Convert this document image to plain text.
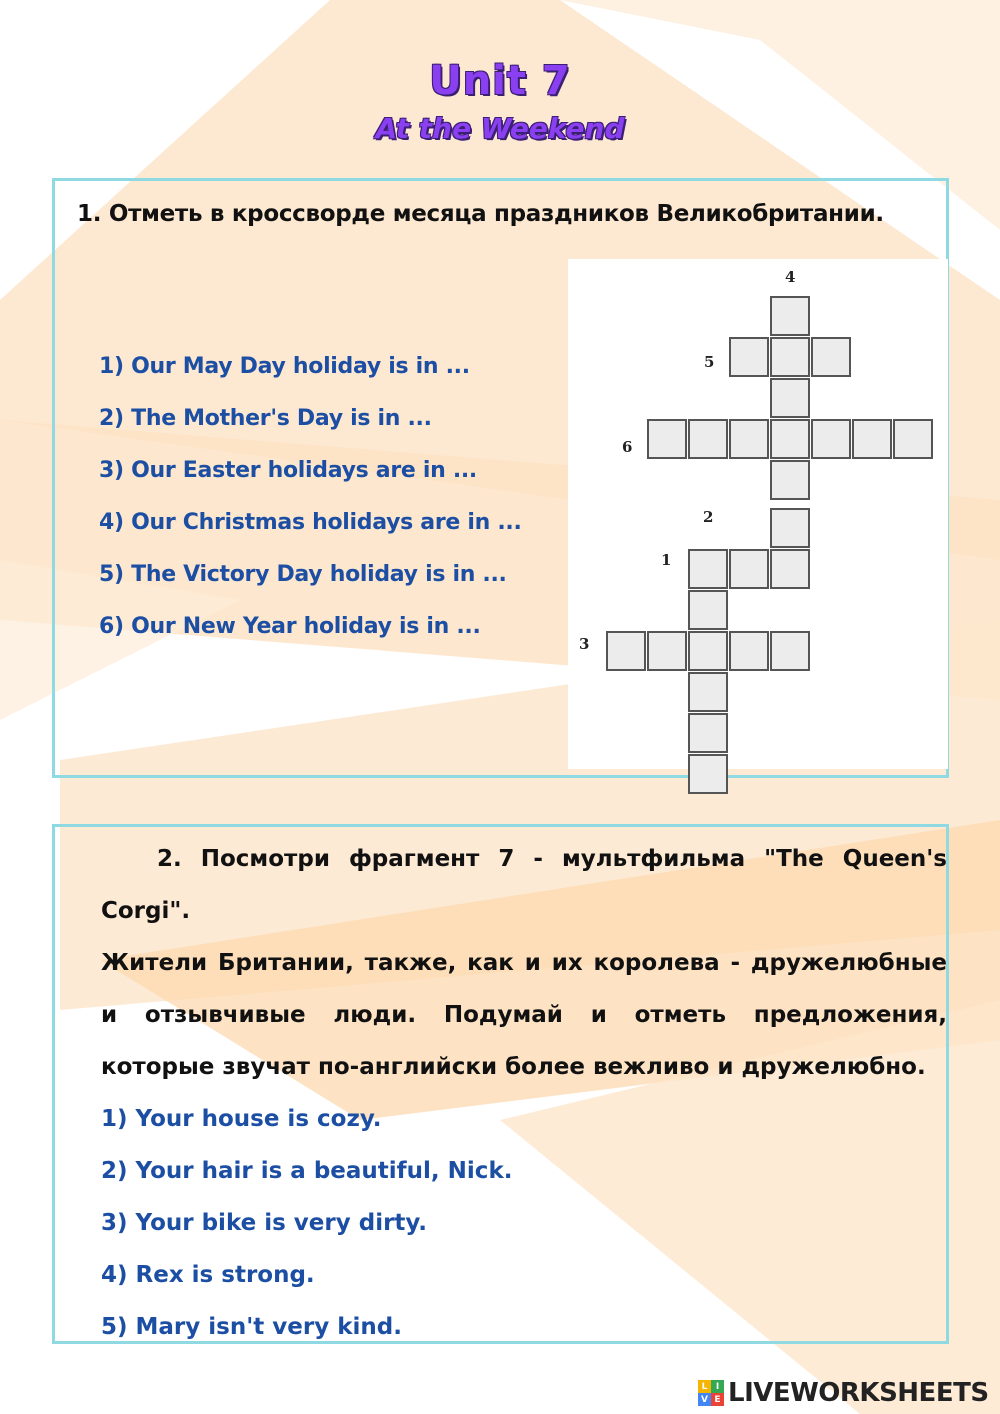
Unit 7
At the Weekend
1. Отметь в кроссворде месяца праздников Великобритании.
1) Our May Day holiday is in ...
2) The Mother's Day is in ...
3) Our Easter holidays are in ...
4) Our Christmas holidays are in ...
5) The Victory Day holiday is in ...
6) Our New Year holiday is in ...
4
5
6
2
1
3

2. Посмотри фрагмент 7 - мультфильма "The Queen's Corgi".

Жители Британии, также, как и их королева - дружелюбные и отзывчивые люди. Подумай и отметь предложения, которые звучат по-английски более вежливо и дружелюбно.

1) Your house is cozy.

2) Your hair is a beautiful, Nick.

3) Your bike is very dirty.

4) Rex is strong.

5) Mary isn't very kind.

L I
V E LIVEWORKSHEETS
